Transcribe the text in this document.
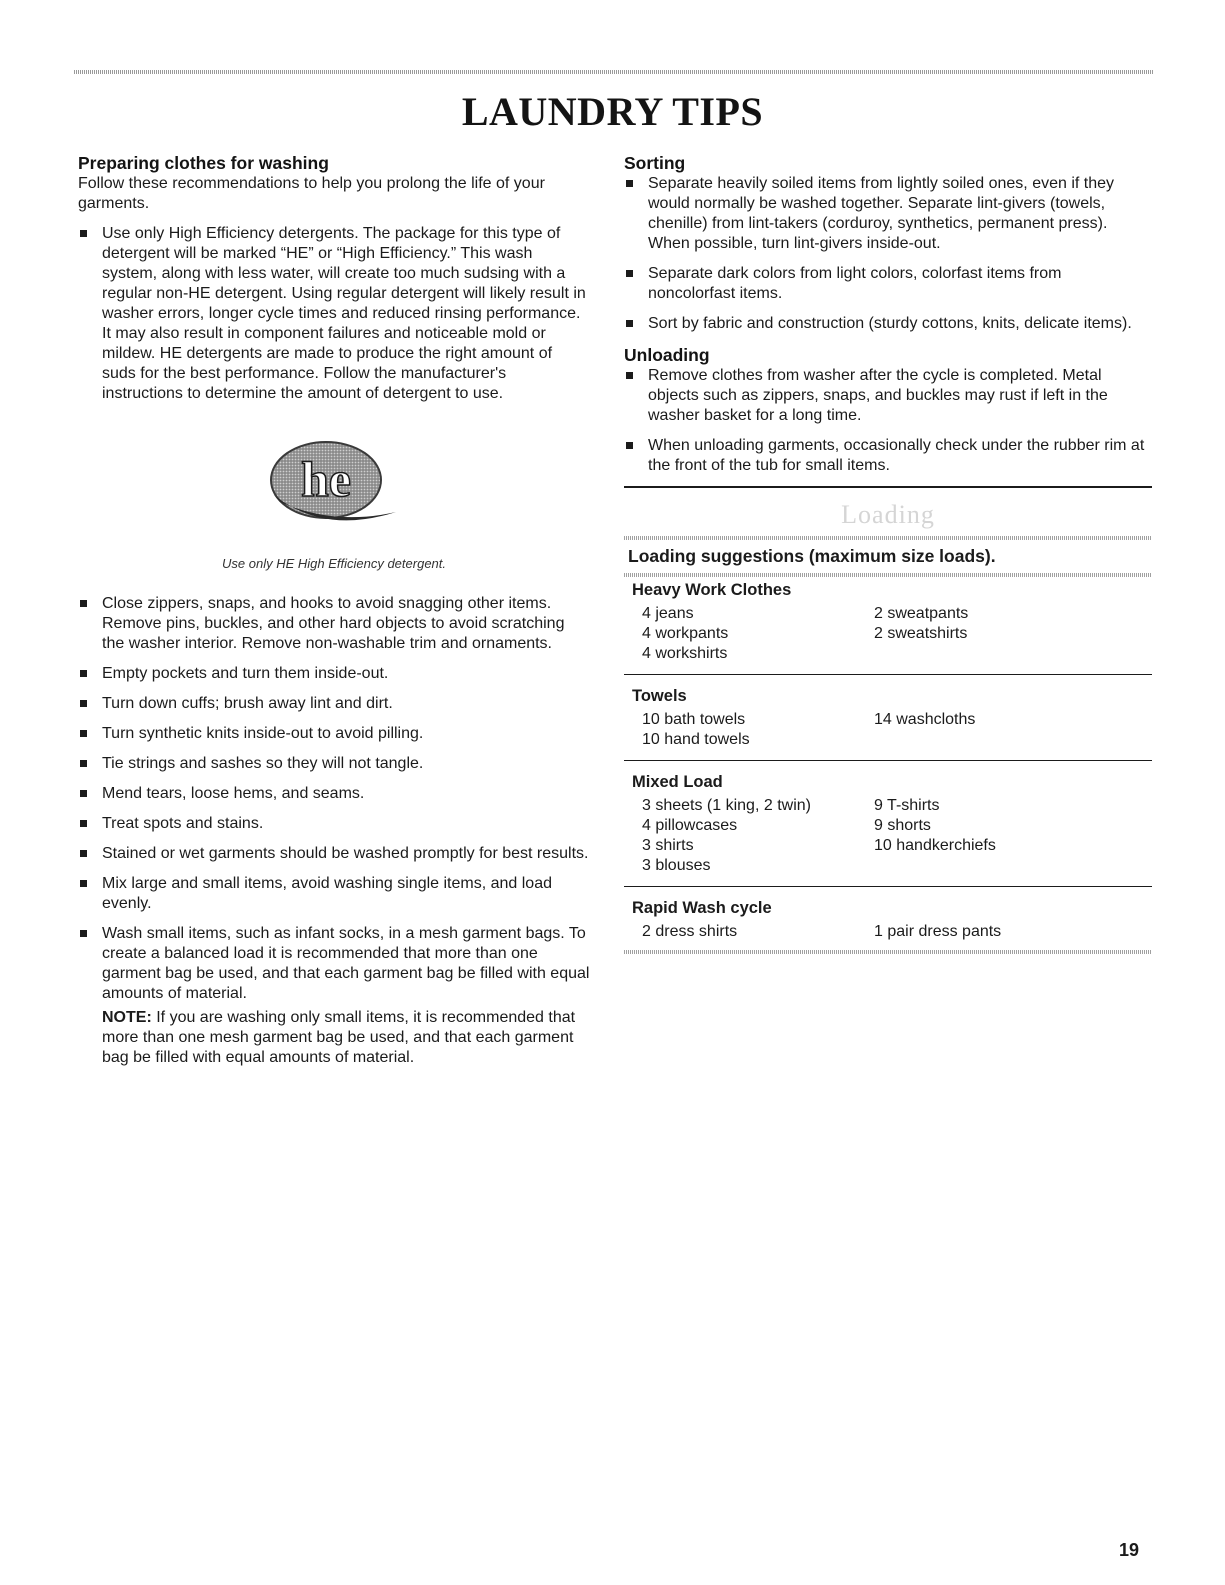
LAUNDRY TIPS
Preparing clothes for washing

Follow these recommendations to help you prolong the life of your garments.

Use only High Efficiency detergents. The package for this type of detergent will be marked “HE” or “High Efficiency.” This wash system, along with less water, will create too much sudsing with a regular non-HE detergent. Using regular detergent will likely result in washer errors, longer cycle times and reduced rinsing performance. It may also result in component failures and noticeable mold or mildew. HE detergents are made to produce the right amount of suds for the best performance. Follow the manufacturer's instructions to determine the amount of detergent to use.
he
Use only HE High Efficiency detergent.
Close zippers, snaps, and hooks to avoid snagging other items. Remove pins, buckles, and other hard objects to avoid scratching the washer interior. Remove non-washable trim and ornaments.
Empty pockets and turn them inside-out.
Turn down cuffs; brush away lint and dirt.
Turn synthetic knits inside-out to avoid pilling.
Tie strings and sashes so they will not tangle.
Mend tears, loose hems, and seams.
Treat spots and stains.
Stained or wet garments should be washed promptly for best results.
Mix large and small items, avoid washing single items, and load evenly.
Wash small items, such as infant socks, in a mesh garment bags. To create a balanced load it is recommended that more than one garment bag be used, and that each garment bag be filled with equal amounts of material.
NOTE: If you are washing only small items, it is recommended that more than one mesh garment bag be used, and that each garment bag be filled with equal amounts of material.
Sorting
Separate heavily soiled items from lightly soiled ones, even if they would normally be washed together. Separate lint-givers (towels, chenille) from lint-takers (corduroy, synthetics, permanent press). When possible, turn lint-givers inside-out.
Separate dark colors from light colors, colorfast items from noncolorfast items.
Sort by fabric and construction (sturdy cottons, knits, delicate items).
Unloading
Remove clothes from washer after the cycle is completed. Metal objects such as zippers, snaps, and buckles may rust if left in the washer basket for a long time.
When unloading garments, occasionally check under the rubber rim at the front of the tub for small items.
Loading
Loading suggestions (maximum size loads).
Heavy Work Clothes
4 jeans	2 sweatpants
4 workpants	2 sweatshirts
4 workshirts
Towels
10 bath towels	14 washcloths
10 hand towels
Mixed Load
3 sheets (1 king, 2 twin)	9 T-shirts
4 pillowcases	9 shorts
3 shirts	10 handkerchiefs
3 blouses
Rapid Wash cycle
2 dress shirts	1 pair dress pants
19
